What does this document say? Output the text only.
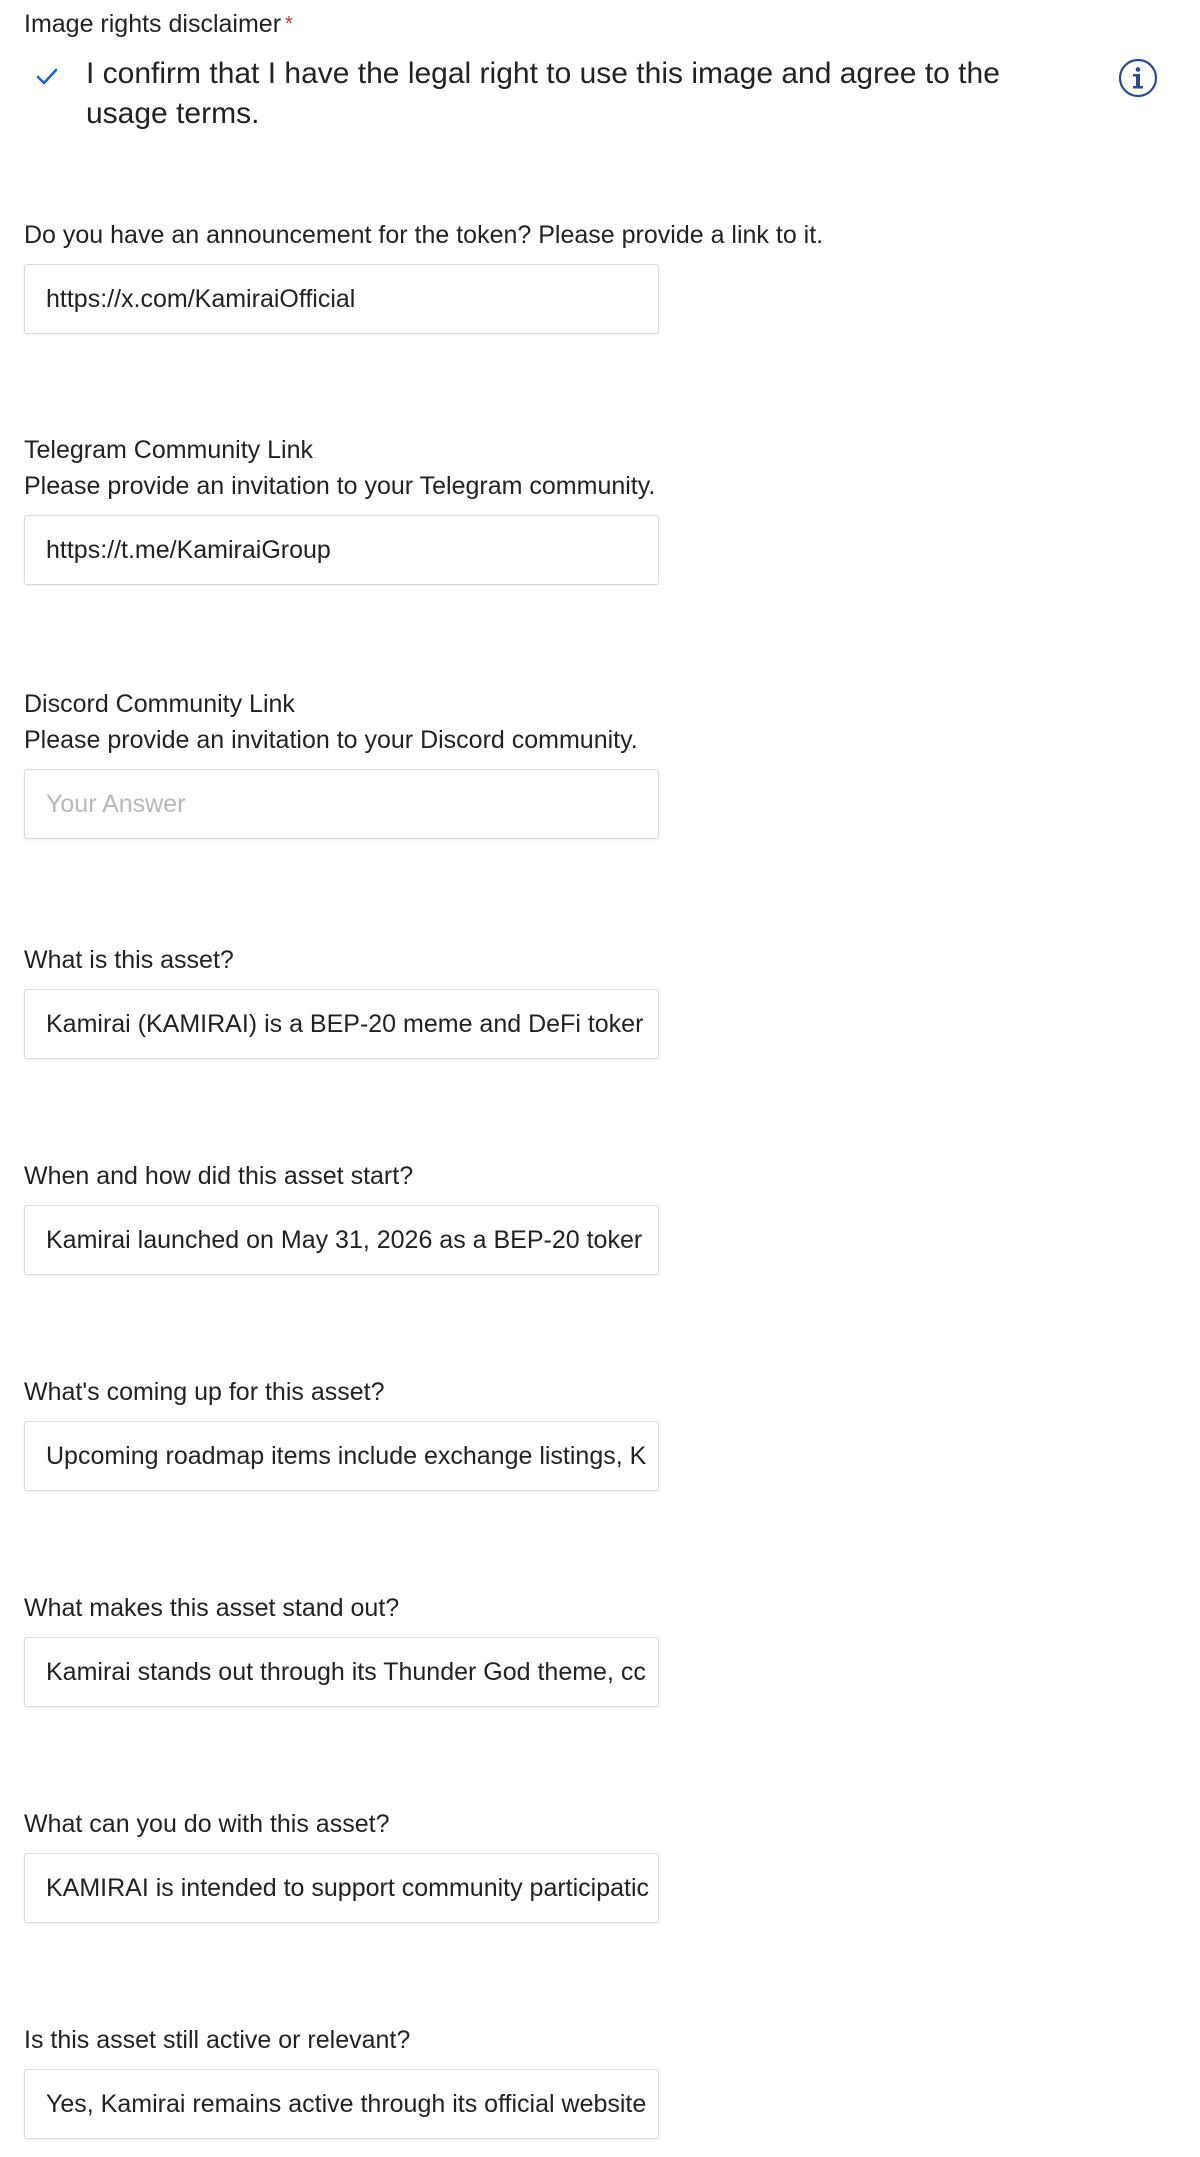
Image rights disclaimer *
I confirm that I have the legal right to use this image and agree to the usage terms.
Do you have an announcement for the token? Please provide a link to it.
https://x.com/KamiraiOfficial
Telegram Community Link
Please provide an invitation to your Telegram community.
https://t.me/KamiraiGroup
Discord Community Link
Please provide an invitation to your Discord community.
Your Answer
What is this asset?
Kamirai (KAMIRAI) is a BEP-20 meme and DeFi toker
When and how did this asset start?
Kamirai launched on May 31, 2026 as a BEP-20 toker
What's coming up for this asset?
Upcoming roadmap items include exchange listings, K
What makes this asset stand out?
Kamirai stands out through its Thunder God theme, cc
What can you do with this asset?
KAMIRAI is intended to support community participatic
Is this asset still active or relevant?
Yes, Kamirai remains active through its official website
